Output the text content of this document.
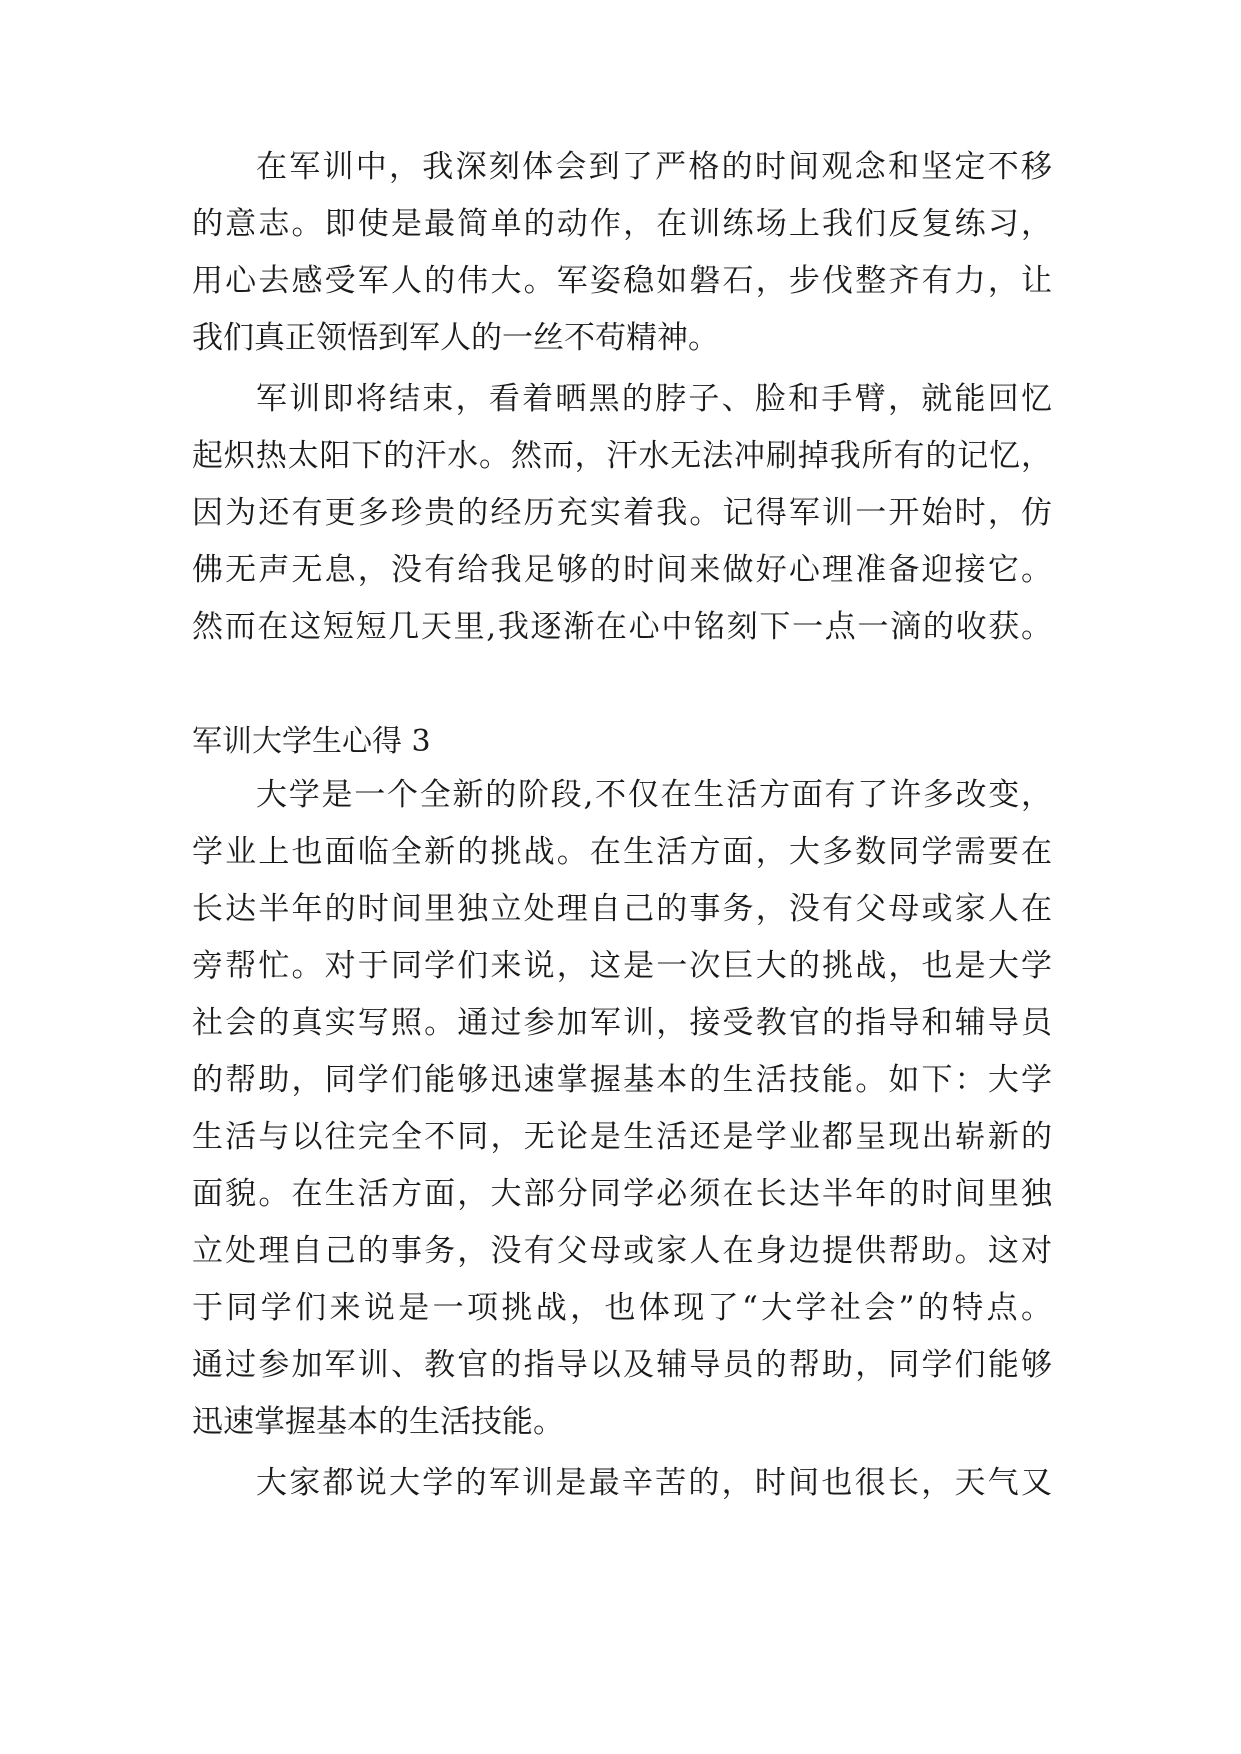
在军训中，我深刻体会到了严格的时间观念和坚定不移

的意志。即使是最简单的动作，在训练场上我们反复练习，

用心去感受军人的伟大。军姿稳如磐石，步伐整齐有力，让

我们真正领悟到军人的一丝不苟精神。

军训即将结束，看着晒黑的脖子、脸和手臂，就能回忆

起炽热太阳下的汗水。然而，汗水无法冲刷掉我所有的记忆，

因为还有更多珍贵的经历充实着我。记得军训一开始时，仿

佛无声无息，没有给我足够的时间来做好心理准备迎接它。

然而在这短短几天里,我逐渐在心中铭刻下一点一滴的收获。

军训大学生心得 3

大学是一个全新的阶段,不仅在生活方面有了许多改变，

学业上也面临全新的挑战。在生活方面，大多数同学需要在

长达半年的时间里独立处理自己的事务，没有父母或家人在

旁帮忙。对于同学们来说，这是一次巨大的挑战，也是大学

社会的真实写照。通过参加军训，接受教官的指导和辅导员

的帮助，同学们能够迅速掌握基本的生活技能。如下：大学

生活与以往完全不同，无论是生活还是学业都呈现出崭新的

面貌。在生活方面，大部分同学必须在长达半年的时间里独

立处理自己的事务，没有父母或家人在身边提供帮助。这对

于同学们来说是一项挑战，也体现了“大学社会”的特点。

通过参加军训、教官的指导以及辅导员的帮助，同学们能够

迅速掌握基本的生活技能。

大家都说大学的军训是最辛苦的，时间也很长，天气又
